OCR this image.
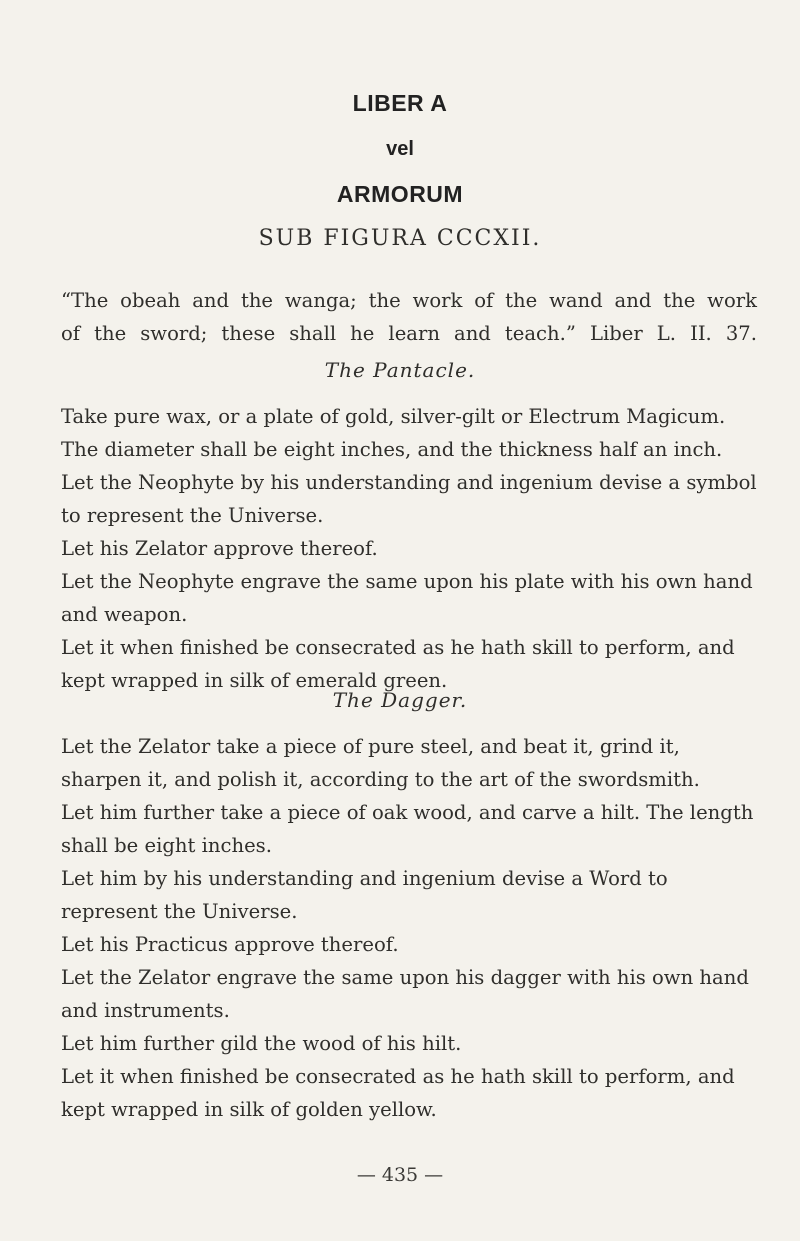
LIBER A
vel
ARMORUM
SUB FIGURA CCCXII.

“The obeah and the wanga; the work of the wand and the work

of the sword; these shall he learn and teach.” Liber L. II. 37.

The Pantacle.

Take pure wax, or a plate of gold, silver-gilt or Electrum Magicum. The diameter shall be eight inches, and the thickness half an inch.

Let the Neophyte by his understanding and ingenium devise a symbol to represent the Universe.

Let his Zelator approve thereof.

Let the Neophyte engrave the same upon his plate with his own hand and weapon.

Let it when finished be consecrated as he hath skill to perform, and kept wrapped in silk of emerald green.

The Dagger.

Let the Zelator take a piece of pure steel, and beat it, grind it, sharpen it, and polish it, according to the art of the swordsmith.

Let him further take a piece of oak wood, and carve a hilt. The length shall be eight inches.

Let him by his understanding and ingenium devise a Word to represent the Universe.

Let his Practicus approve thereof.

Let the Zelator engrave the same upon his dagger with his own hand and instruments.

Let him further gild the wood of his hilt.

Let it when finished be consecrated as he hath skill to perform, and kept wrapped in silk of golden yellow.

— 435 —
